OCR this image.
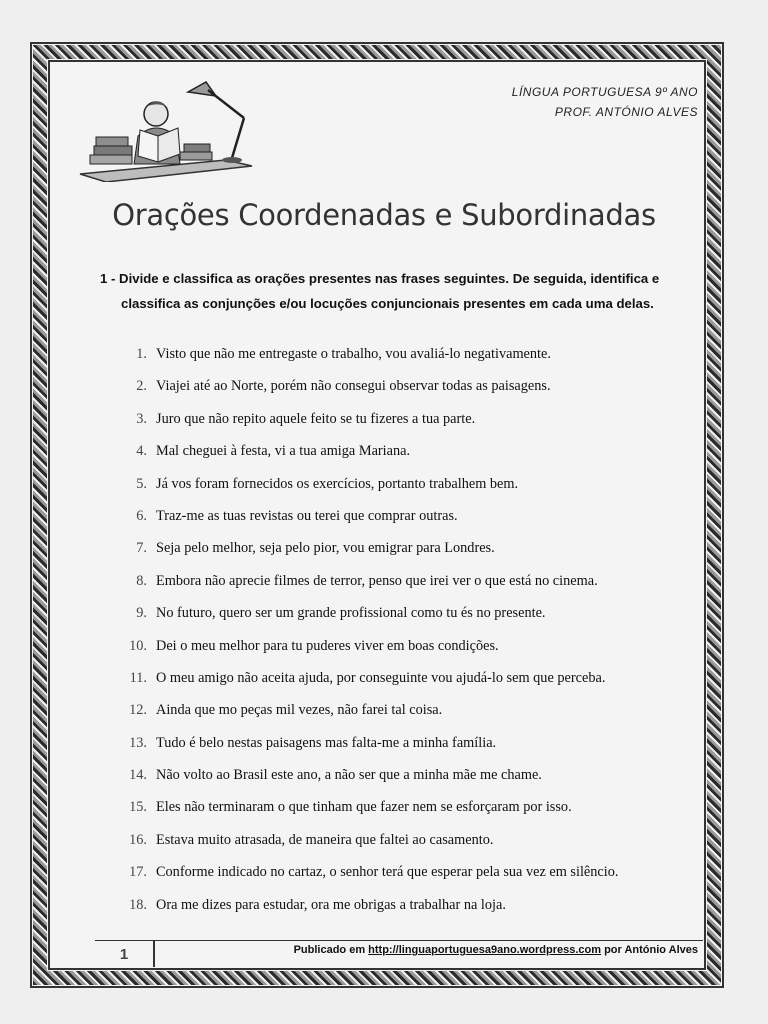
LÍNGUA PORTUGUESA 9º ANO
PROF. ANTÓNIO ALVES
Orações Coordenadas e Subordinadas
1 - Divide e classifica as orações presentes nas frases seguintes. De seguida, identifica e
classifica as conjunções e/ou locuções conjuncionais presentes em cada uma delas.
1. Visto que não me entregaste o trabalho, vou avaliá-lo negativamente.
2. Viajei até ao Norte, porém não consegui observar todas as paisagens.
3. Juro que não repito aquele feito se tu fizeres a tua parte.
4. Mal cheguei à festa, vi a tua amiga Mariana.
5. Já vos foram fornecidos os exercícios, portanto trabalhem bem.
6. Traz-me as tuas revistas ou terei que comprar outras.
7. Seja pelo melhor, seja pelo pior, vou emigrar para Londres.
8. Embora não aprecie filmes de terror, penso que irei ver o que está no cinema.
9. No futuro, quero ser um grande profissional como tu és no presente.
10. Dei o meu melhor para tu puderes viver em boas condições.
11. O meu amigo não aceita ajuda, por conseguinte vou ajudá-lo sem que perceba.
12. Ainda que mo peças mil vezes, não farei tal coisa.
13. Tudo é belo nestas paisagens mas falta-me a minha família.
14. Não volto ao Brasil este ano, a não ser que a minha mãe me chame.
15. Eles não terminaram o que tinham que fazer nem se esforçaram por isso.
16. Estava muito atrasada, de maneira que faltei ao casamento.
17. Conforme indicado no cartaz, o senhor terá que esperar pela sua vez em silêncio.
18. Ora me dizes para estudar, ora me obrigas a trabalhar na loja.
1	Publicado em http://linguaportuguesa9ano.wordpress.com por António Alves
